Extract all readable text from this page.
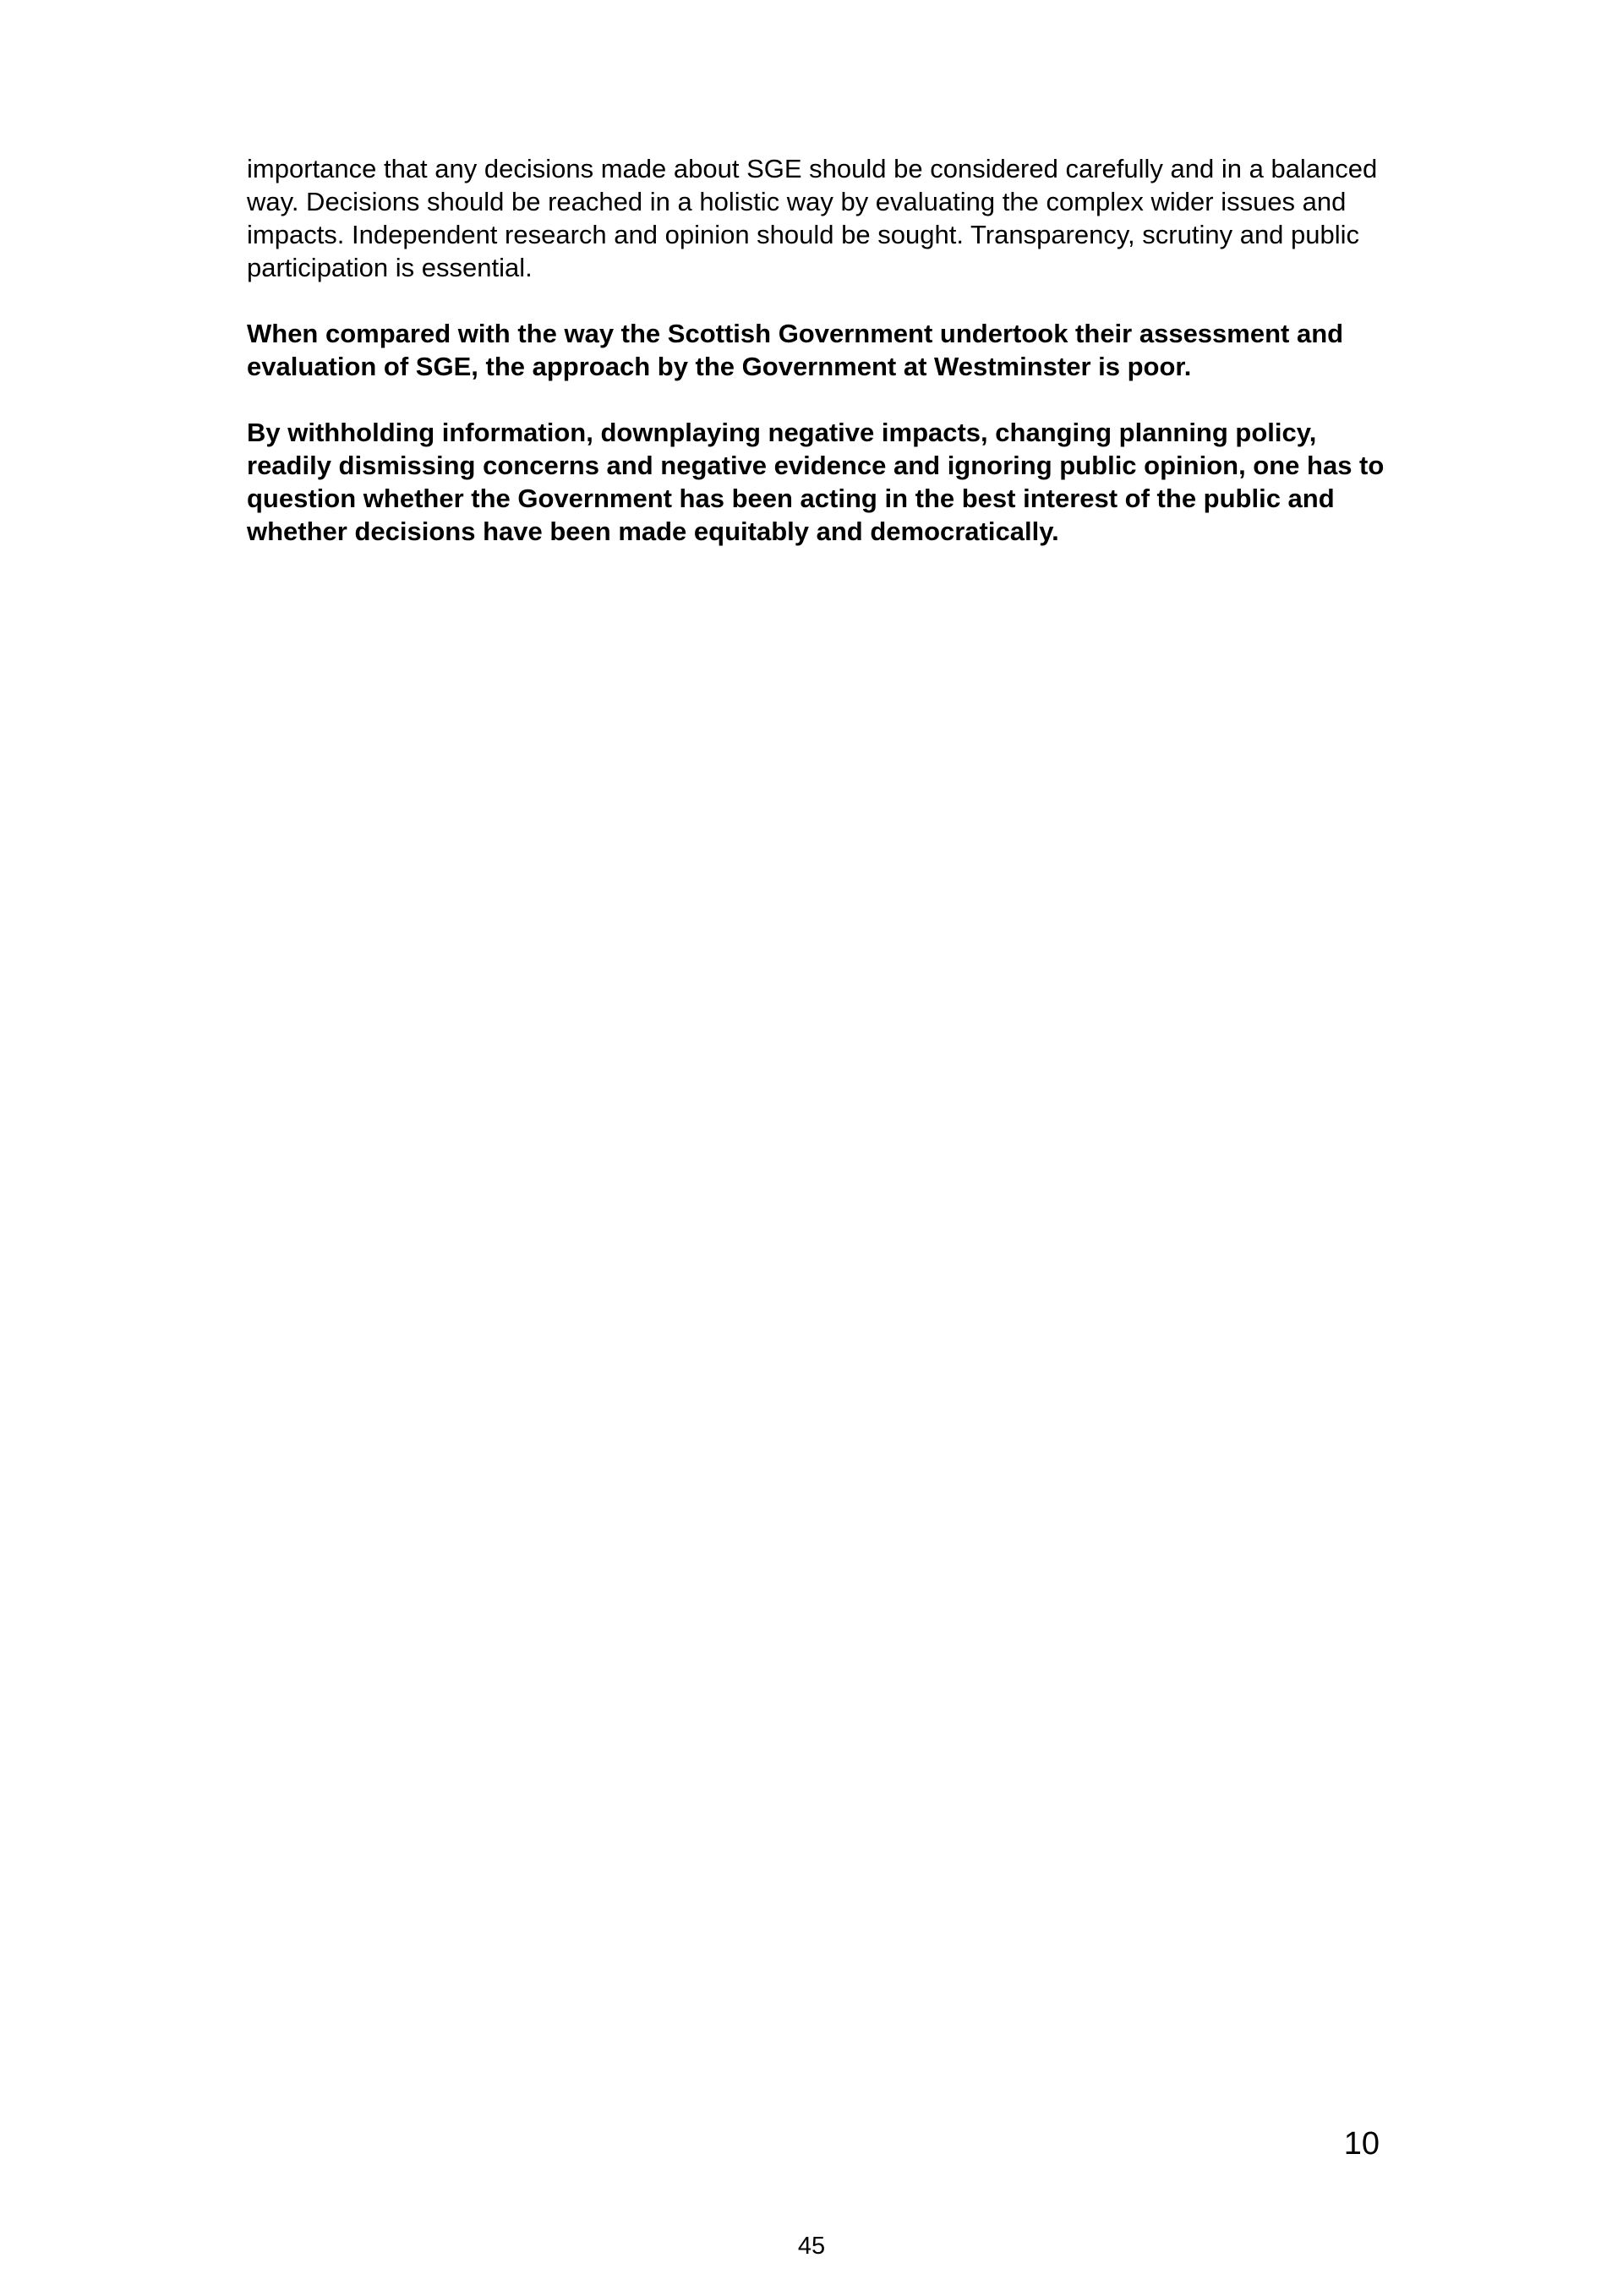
importance that any decisions made about SGE should be considered carefully and in a balanced way. Decisions should be reached in a holistic way by evaluating the complex wider issues and impacts. Independent research and opinion should be sought. Transparency, scrutiny and public participation is essential.

When compared with the way the Scottish Government undertook their assessment and evaluation of SGE, the approach by the Government at Westminster is poor.

By withholding information, downplaying negative impacts, changing planning policy, readily dismissing concerns and negative evidence and ignoring public opinion, one has to question whether the Government has been acting in the best interest of the public and whether decisions have been made equitably and democratically.

10
45
